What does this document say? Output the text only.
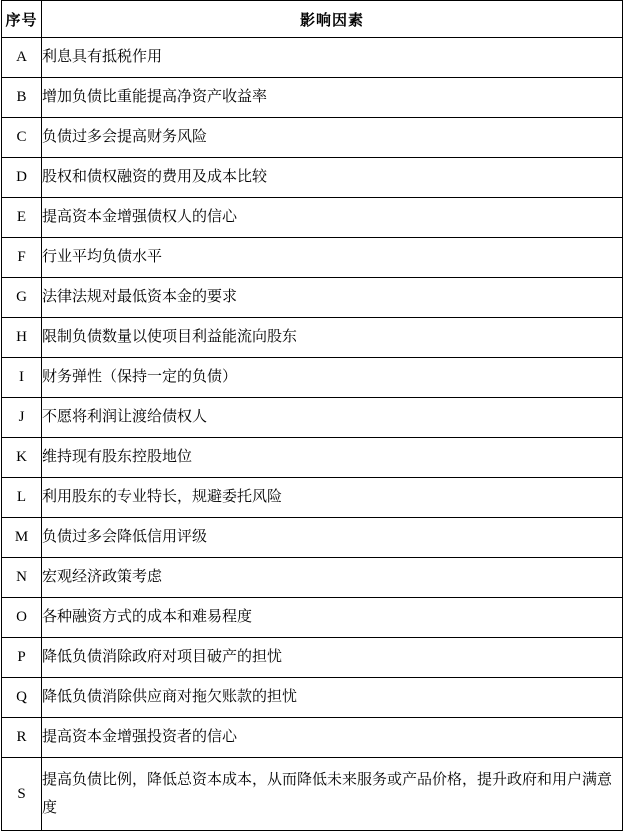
序号	影响因素
A	利息具有抵税作用
B	增加负债比重能提高净资产收益率
C	负债过多会提高财务风险
D	股权和债权融资的费用及成本比较
E	提高资本金增强债权人的信心
F	行业平均负债水平
G	法律法规对最低资本金的要求
H	限制负债数量以使项目利益能流向股东
I	财务弹性（保持一定的负债）
J	不愿将利润让渡给债权人
K	维持现有股东控股地位
L	利用股东的专业特长，规避委托风险
M	负债过多会降低信用评级
N	宏观经济政策考虑
O	各种融资方式的成本和难易程度
P	降低负债消除政府对项目破产的担忧
Q	降低负债消除供应商对拖欠账款的担忧
R	提高资本金增强投资者的信心
S	提高负债比例，降低总资本成本，从而降低未来服务或产品价格，提升政府和用户满意度
